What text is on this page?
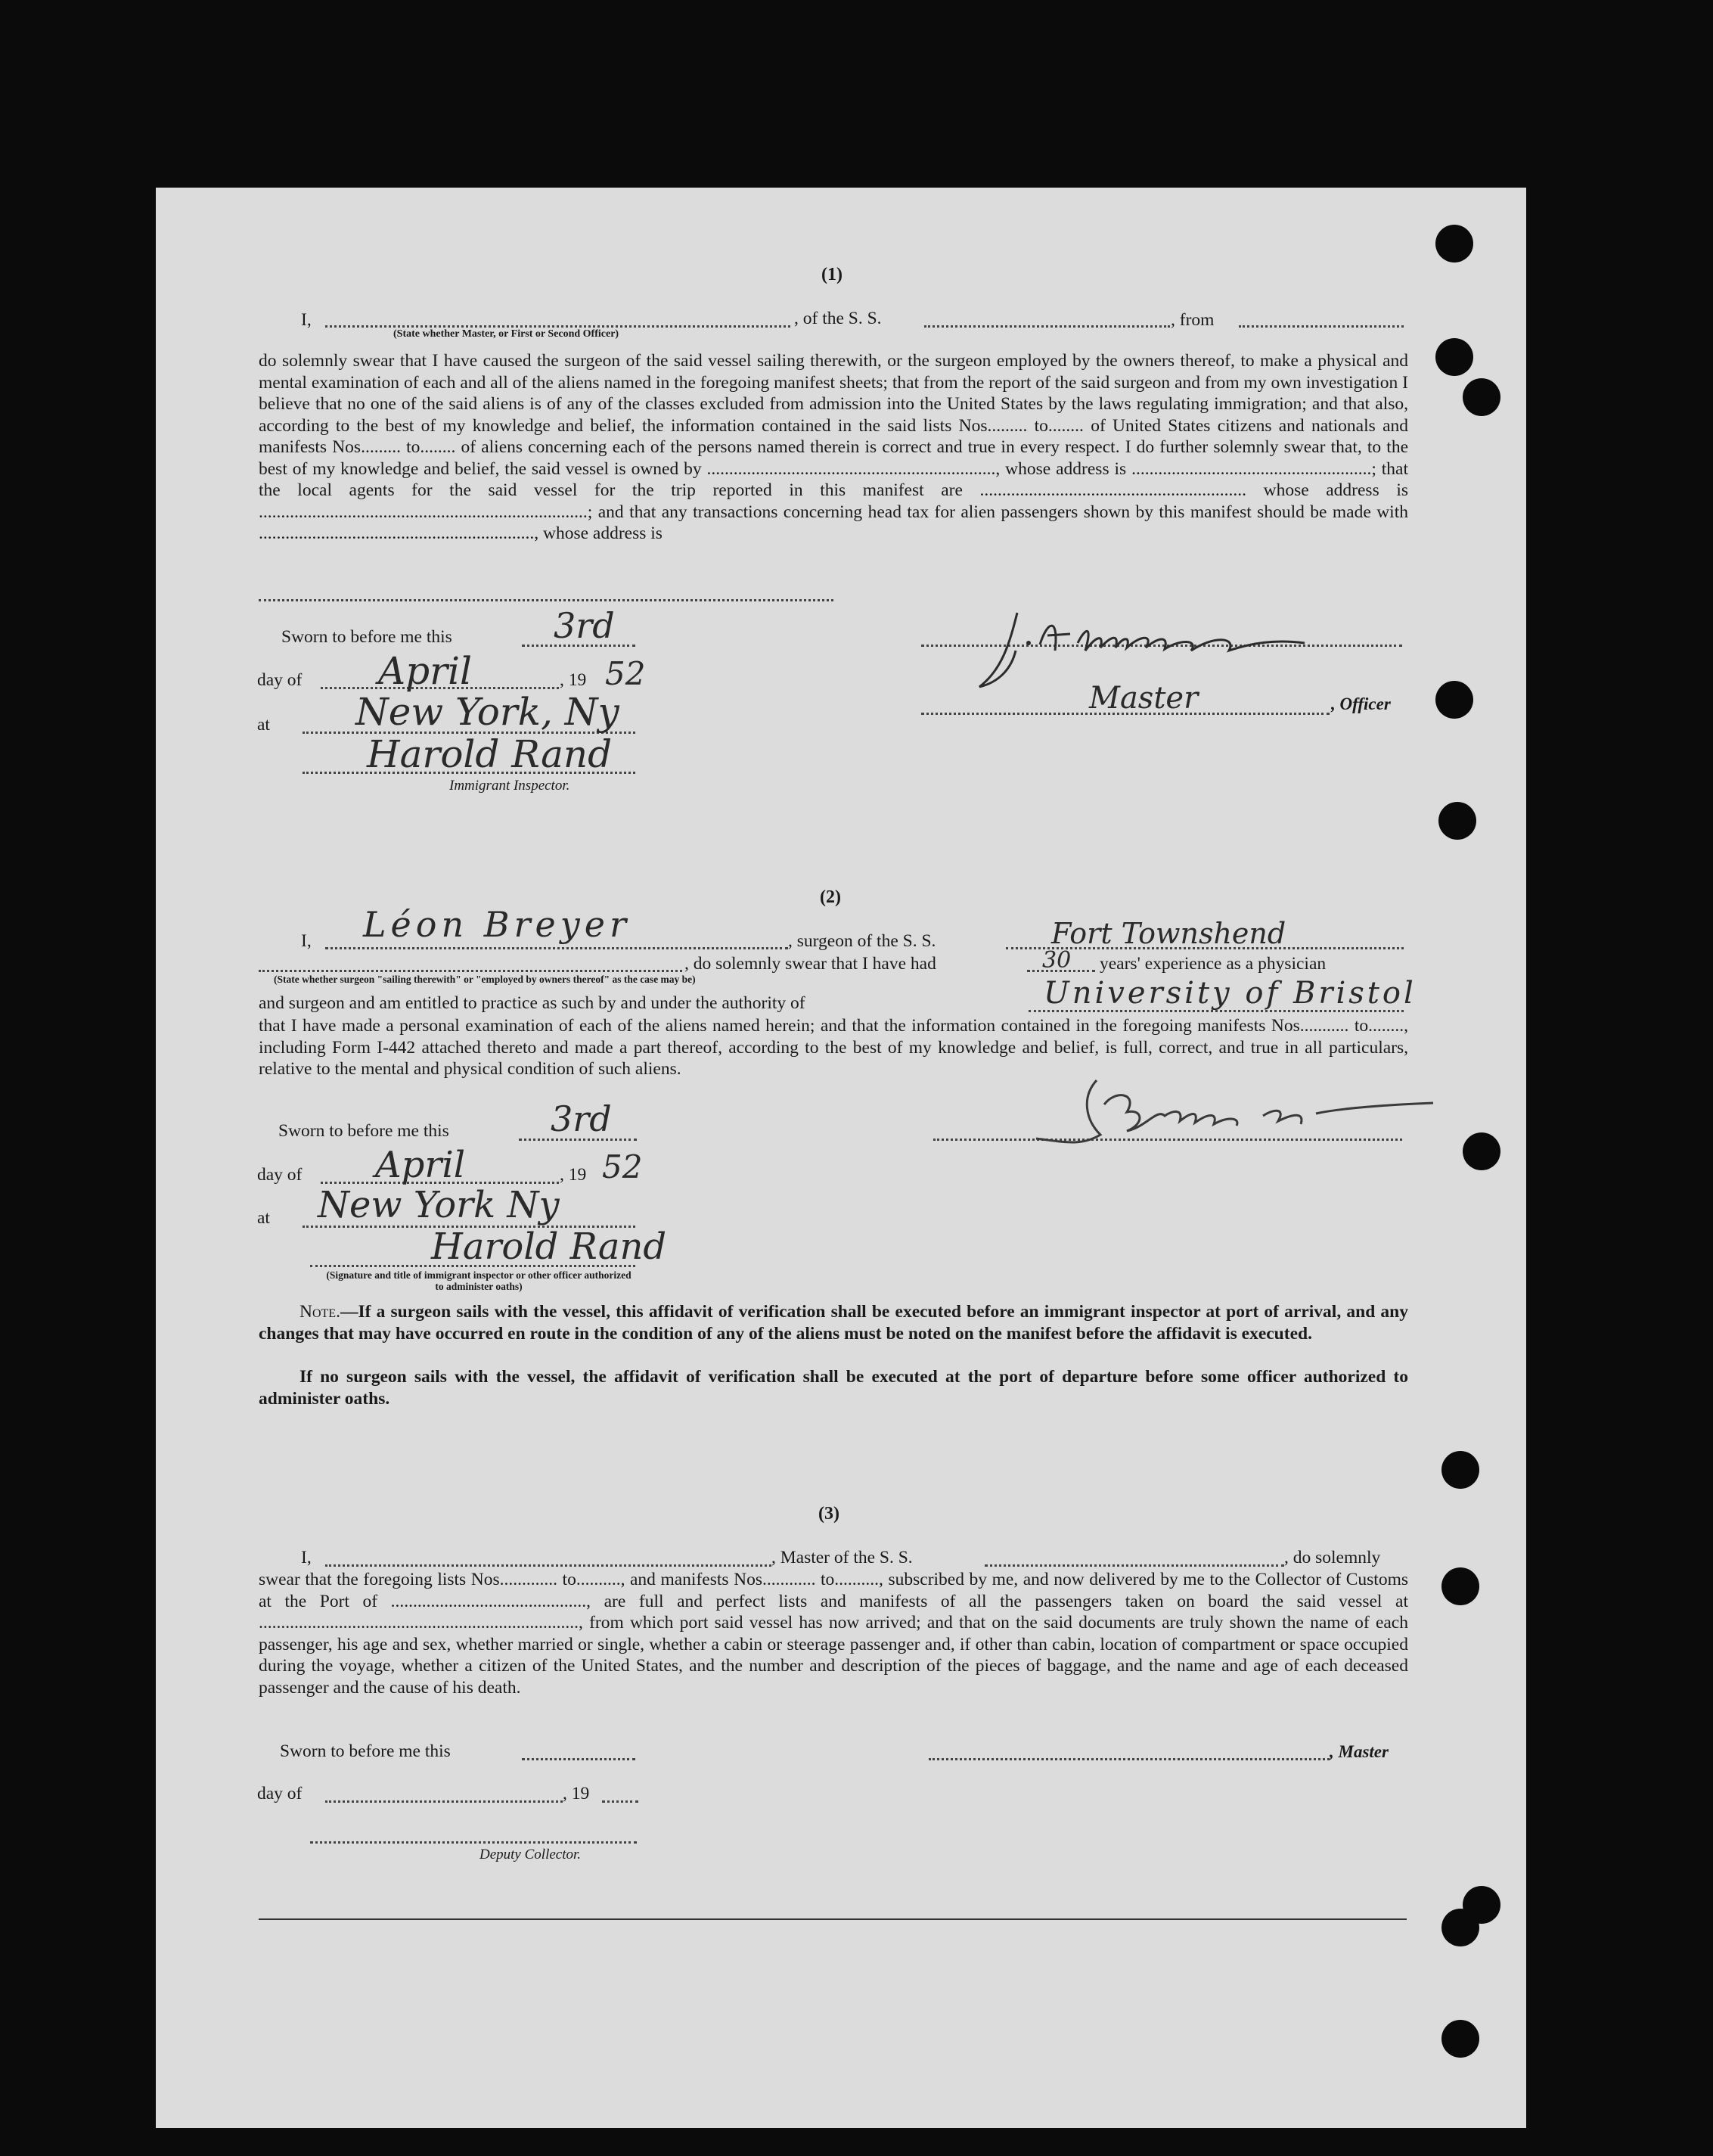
(1)
I,	, of the S. S.	, from
(State whether Master, or First or Second Officer)
do solemnly swear that I have caused the surgeon of the said vessel sailing therewith, or the surgeon employed by the owners thereof, to make a physical and mental examination of each and all of the aliens named in the foregoing manifest sheets; that from the report of the said surgeon and from my own investigation I believe that no one of the said aliens is of any of the classes excluded from admission into the United States by the laws regulating immigration; and that also, according to the best of my knowledge and belief, the information contained in the said lists Nos......... to........ of United States citizens and nationals and manifests Nos......... to........ of aliens concerning each of the persons named therein is correct and true in every respect. I do further solemnly swear that, to the best of my knowledge and belief, the said vessel is owned by ................................................................., whose address is ......................................................; that the local agents for the said vessel for the trip reported in this manifest are ............................................................ whose address is ..........................................................................; and that any transactions concerning head tax for alien passengers shown by this manifest should be made with .............................................................., whose address is
Sworn to before me this	3rd
day of April	, 19 52
at New York, Ny
Harold Rand
Immigrant Inspector.
Master	, Officer
(2)
I, Léon Breyer	, surgeon of the S. S.	Fort Townshend
(State whether surgeon "sailing therewith" or "employed by owners thereof" as the case may be)
, do solemnly swear that I have had	30 years' experience as a physician
and surgeon and am entitled to practice as such by and under the authority of	University of Bristol
that I have made a personal examination of each of the aliens named herein; and that the information contained in the foregoing manifests Nos........... to........, including Form I-442 attached thereto and made a part thereof, according to the best of my knowledge and belief, is full, correct, and true in all particulars, relative to the mental and physical condition of such aliens.
Sworn to before me this	3rd
day of April	, 19 52
at New York Ny
Harold Rand
(Signature and title of immigrant inspector or other officer authorized to administer oaths)
Note.—If a surgeon sails with the vessel, this affidavit of verification shall be executed before an immigrant inspector at port of arrival, and any changes that may have occurred en route in the condition of any of the aliens must be noted on the manifest before the affidavit is executed.
If no surgeon sails with the vessel, the affidavit of verification shall be executed at the port of departure before some officer authorized to administer oaths.
(3)
I,	, Master of the S. S.	, do solemnly
swear that the foregoing lists Nos............. to.........., and manifests Nos............ to.........., subscribed by me, and now delivered by me to the Collector of Customs at the Port of ............................................, are full and perfect lists and manifests of all the passengers taken on board the said vessel at ........................................................................, from which port said vessel has now arrived; and that on the said documents are truly shown the name of each passenger, his age and sex, whether married or single, whether a cabin or steerage passenger and, if other than cabin, location of compartment or space occupied during the voyage, whether a citizen of the United States, and the number and description of the pieces of baggage, and the name and age of each deceased passenger and the cause of his death.
Sworn to before me this	, Master
day of	, 19
Deputy Collector.
